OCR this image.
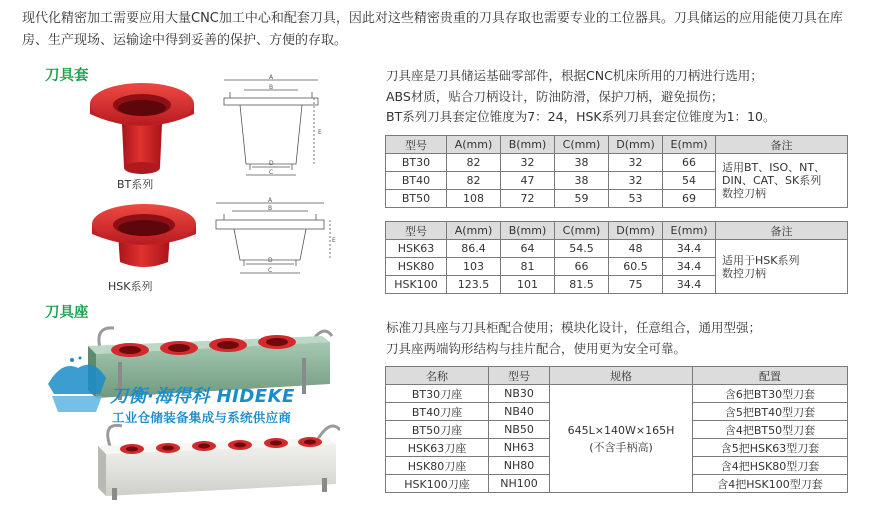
现代化精密加工需要应用大量CNC加工中心和配套刀具，因此对这些精密贵重的刀具存取也需要专业的工位器具。刀具储运的应用能使刀具在库房、生产现场、运输途中得到妥善的保护、方便的存取。
刀具套
BT系列
HSK系列
A
B
D
C
E
A
B
D
C
E
刀具座是刀具储运基础零部件，根据CNC机床所用的刀柄进行选用；
ABS材质，贴合刀柄设计，防油防滑，保护刀柄，避免损伤；
BT系列刀具套定位锥度为7：24，HSK系列刀具套定位锥度为1：10。
型号	A(mm)	B(mm)	C(mm)	D(mm)	E(mm)	备注
BT30	82	32	38	32	66	适用BT、ISO、NT、
DIN、CAT、SK系列
数控刀柄

BT40	82	47	38	32	54	
BT50	108	72	59	53	69	
型号	A(mm)	B(mm)	C(mm)	D(mm)	E(mm)	备注
HSK63	86.4	64	54.5	48	34.4	适用于HSK系列
数控刀柄

HSK80	103	81	66	60.5	34.4	
HSK100	123.5	101	81.5	75	34.4	
刀具座
刀衡·海得科 HIDEKE
工业仓储装备集成与系统供应商
标准刀具座与刀具柜配合使用；模块化设计，任意组合，通用型强；
刀具座两端钩形结构与挂片配合，使用更为安全可靠。
名称	型号	规格	配置
BT30刀座	NB30	645L×140W×165H
(不含手柄高)	含6把BT30型刀套
BT40刀座	NB40		含5把BT40型刀套
BT50刀座	NB50		含4把BT50型刀套
HSK63刀座	NH63		含5把HSK63型刀套
HSK80刀座	NH80		含4把HSK80型刀套
HSK100刀座	NH100		含4把HSK100型刀套
